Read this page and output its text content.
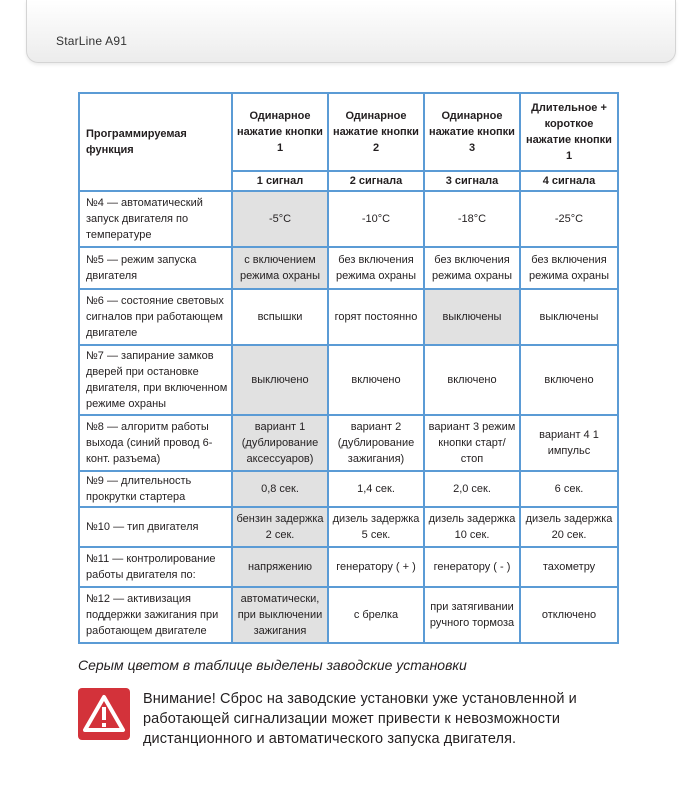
StarLine A91
Программируемая функция	Одинарное нажатие кнопки 1	Одинарное нажатие кнопки 2	Одинарное нажатие кнопки 3	Длительное + короткое нажатие кнопки 1
	1 сигнал	2 сигнала	3 сигнала	4 сигнала
№4 — автоматический запуск двигателя по температуре	-5°C	-10°C	-18°C	-25°C
№5 — режим запуска двигателя	с включением режима охраны	без включения режима охраны	без включения режима охраны	без включения режима охраны
№6 — состояние световых сигналов при работающем двигателе	вспышки	горят постоянно	выключены	выключены
№7 — запирание замков дверей при остановке двигателя, при включенном режиме охраны	выключено	включено	включено	включено
№8 — алгоритм работы выхода (синий провод 6-конт. разъема)	вариант 1 (дублирование аксессуаров)	вариант 2 (дублирование зажигания)	вариант 3 режим кнопки старт/стоп	вариант 4 1 импульс
№9 — длительность прокрутки стартера	0,8 сек.	1,4 сек.	2,0 сек.	6 сек.
№10 — тип двигателя	бензин задержка 2 сек.	дизель задержка 5 сек.	дизель задержка 10 сек.	дизель задержка 20 сек.
№11 — контролирование работы двигателя по:	напряжению	генератору ( + )	генератору ( - )	тахометру
№12 — активизация поддержки зажигания при работающем двигателе	автоматически, при выключении зажигания	с брелка	при затягивании ручного тормоза	отключено
Серым цветом в таблице выделены заводские установки
Внимание! Сброс на заводские установки уже установленной и работающей сигнализации может привести к невозможности дистанционного и автоматического запуска двигателя.
